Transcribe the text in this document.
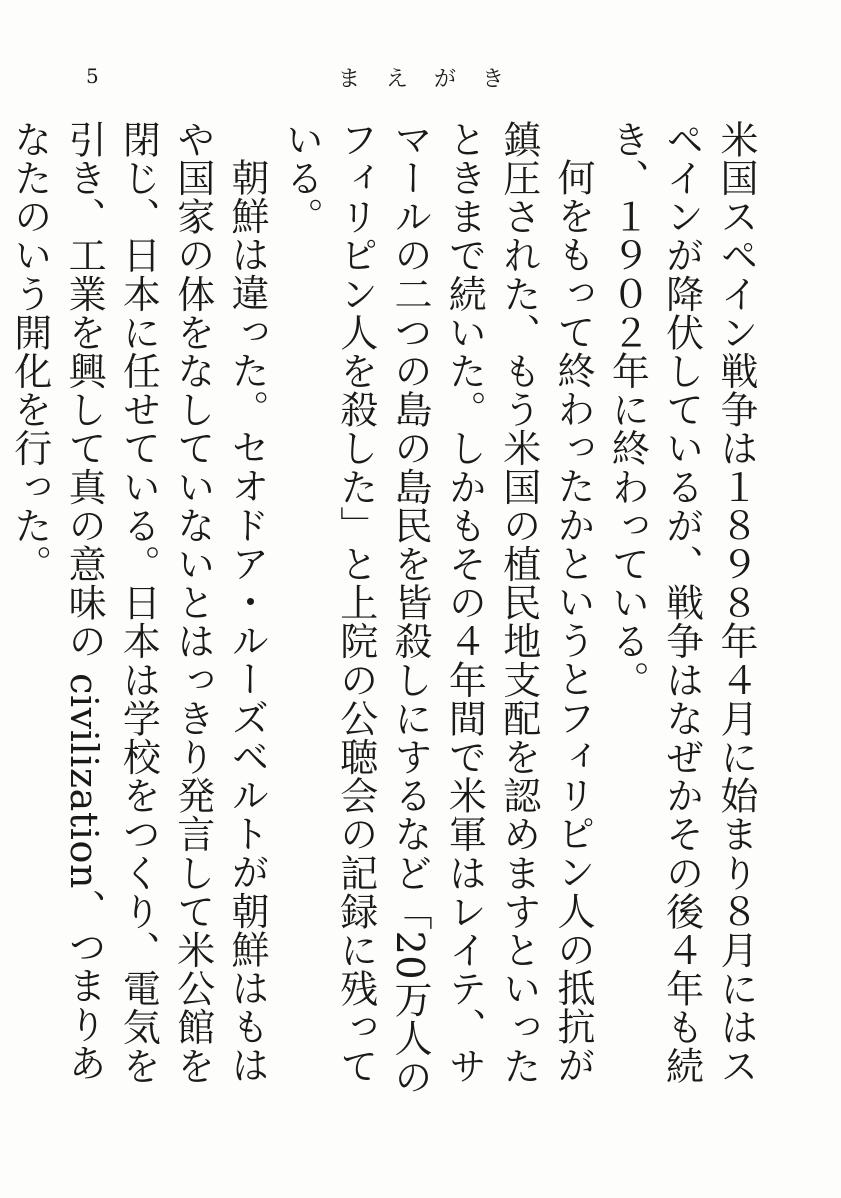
5	まえがき

米国スペイン戦争は１８９８年４月に始まり８月にはスペインが降伏しているが、戦争はなぜかその後４年も続き、１９０２年に終わっている。

何をもって終わったかというとフィリピン人の抵抗が鎮圧された、もう米国の植民地支配を認めますといったときまで続いた。しかもその４年間で米軍はレイテ、サマールの二つの島の島民を皆殺しにするなど「20万人のフィリピン人を殺した」と上院の公聴会の記録に残っている。

朝鮮は違った。セオドア・ルーズベルトが朝鮮はもはや国家の体をなしていないとはっきり発言して米公館を閉じ、日本に任せている。日本は学校をつくり、電気を引き、工業を興して真の意味の civilization、つまりあなたのいう開化を行った。
